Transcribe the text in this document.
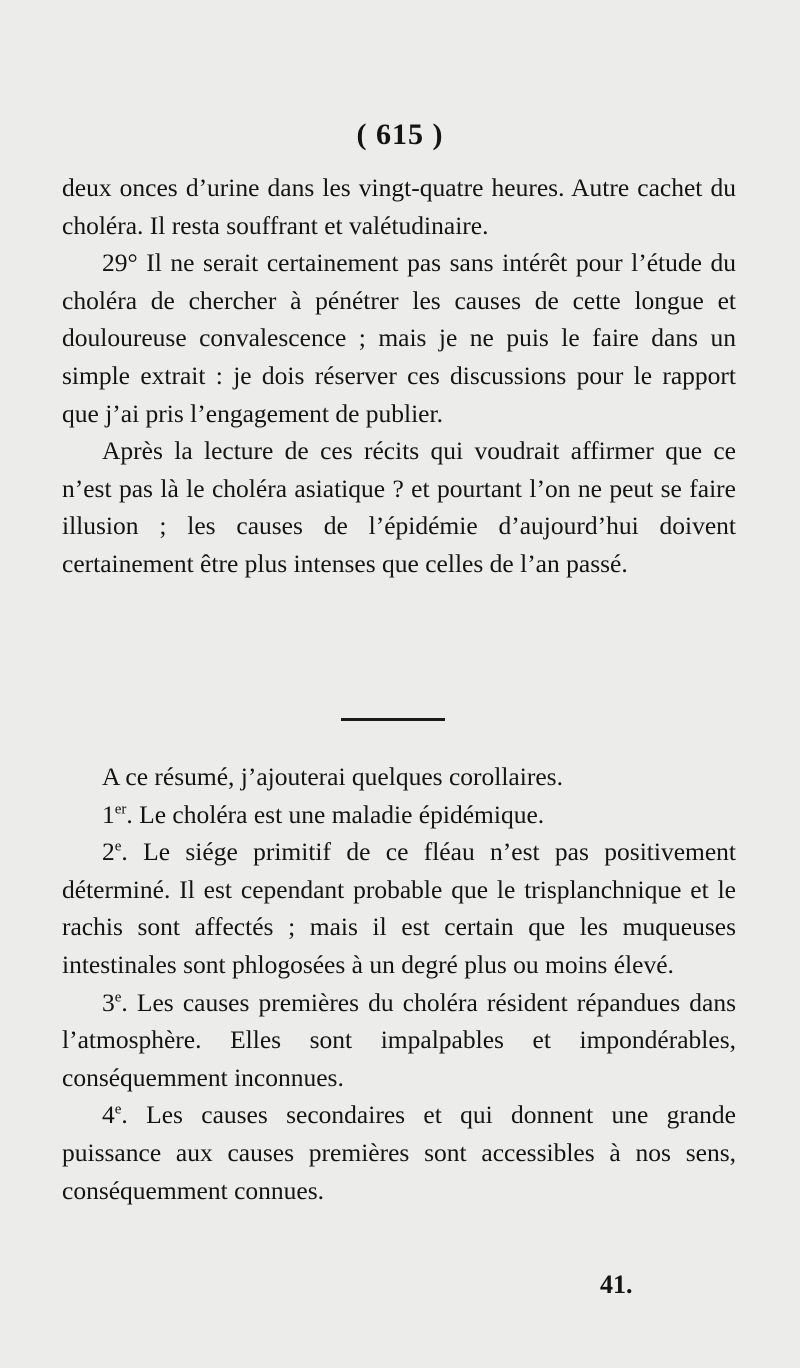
( 615 )

deux onces d’urine dans les vingt-quatre heures. Autre cachet du choléra. Il resta souffrant et valétudinaire.

29° Il ne serait certainement pas sans intérêt pour l’étude du choléra de chercher à pénétrer les causes de cette longue et douloureuse convalescence ; mais je ne puis le faire dans un simple extrait : je dois réserver ces discussions pour le rapport que j’ai pris l’engagement de publier.

Après la lecture de ces récits qui voudrait affirmer que ce n’est pas là le choléra asiatique ? et pourtant l’on ne peut se faire illusion ; les causes de l’épidémie d’aujourd’hui doivent certainement être plus intenses que celles de l’an passé.

A ce résumé, j’ajouterai quelques corollaires.

1er. Le choléra est une maladie épidémique.

2e. Le siége primitif de ce fléau n’est pas positivement déterminé. Il est cependant probable que le trisplanchnique et le rachis sont affectés ; mais il est certain que les muqueuses intestinales sont phlogosées à un degré plus ou moins élevé.

3e. Les causes premières du choléra résident répandues dans l’atmosphère. Elles sont impalpables et impondérables, conséquemment inconnues.

4e. Les causes secondaires et qui donnent une grande puissance aux causes premières sont accessibles à nos sens, conséquemment connues.

41.
